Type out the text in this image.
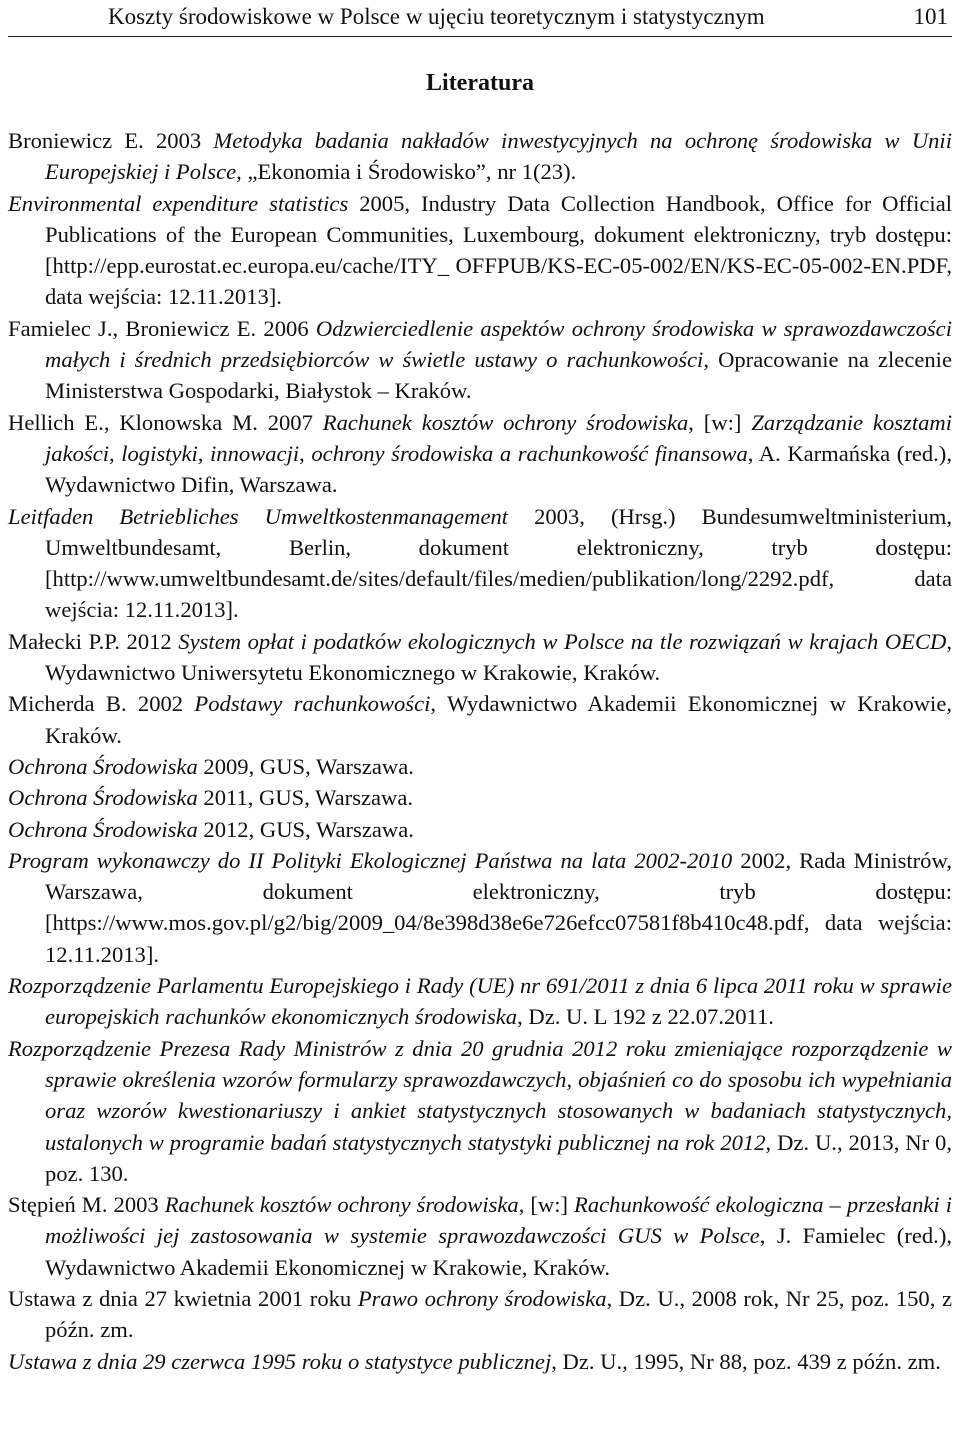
Koszty środowiskowe w Polsce w ujęciu teoretycznym i statystycznym	101
Literatura

Broniewicz E. 2003 Metodyka badania nakładów inwestycyjnych na ochronę środowiska w Unii Europejskiej i Polsce, „Ekonomia i Środowisko”, nr 1(23).

Environmental expenditure statistics 2005, Industry Data Collection Handbook, Office for Official Publications of the European Communities, Luxembourg, dokument elektroniczny, tryb dostępu: [http://epp.eurostat.ec.europa.eu/cache/ITY_ OFFPUB/KS-EC-05-002/EN/KS-EC-05-002-EN.PDF, data wejścia: 12.11.2013].

Famielec J., Broniewicz E. 2006 Odzwierciedlenie aspektów ochrony środowiska w sprawozdawczości małych i średnich przedsiębiorców w świetle ustawy o rachunkowości, Opracowanie na zlecenie Ministerstwa Gospodarki, Białystok – Kraków.

Hellich E., Klonowska M. 2007 Rachunek kosztów ochrony środowiska, [w:] Zarządzanie kosztami jakości, logistyki, innowacji, ochrony środowiska a rachunkowość finansowa, A. Karmańska (red.), Wydawnictwo Difin, Warszawa.

Leitfaden Betriebliches Umweltkostenmanagement 2003, (Hrsg.) Bundesumweltministerium, Umweltbundesamt, Berlin, dokument elektroniczny, tryb dostępu: [http://www.umweltbundesamt.de/sites/default/files/medien/publikation/long/2292.pdf, data wejścia: 12.11.2013].

Małecki P.P. 2012 System opłat i podatków ekologicznych w Polsce na tle rozwiązań w krajach OECD, Wydawnictwo Uniwersytetu Ekonomicznego w Krakowie, Kraków.

Micherda B. 2002 Podstawy rachunkowości, Wydawnictwo Akademii Ekonomicznej w Krakowie, Kraków.

Ochrona Środowiska 2009, GUS, Warszawa.

Ochrona Środowiska 2011, GUS, Warszawa.

Ochrona Środowiska 2012, GUS, Warszawa.

Program wykonawczy do II Polityki Ekologicznej Państwa na lata 2002-2010 2002, Rada Ministrów, Warszawa, dokument elektroniczny, tryb dostępu: [https://www.mos.gov.pl/g2/big/2009_04/8e398d38e6e726efcc07581f8b410c48.pdf, data wejścia: 12.11.2013].

Rozporządzenie Parlamentu Europejskiego i Rady (UE) nr 691/2011 z dnia 6 lipca 2011 roku w sprawie europejskich rachunków ekonomicznych środowiska, Dz. U. L 192 z 22.07.2011.

Rozporządzenie Prezesa Rady Ministrów z dnia 20 grudnia 2012 roku zmieniające rozporządzenie w sprawie określenia wzorów formularzy sprawozdawczych, objaśnień co do sposobu ich wypełniania oraz wzorów kwestionariuszy i ankiet statystycznych stosowanych w badaniach statystycznych, ustalonych w programie badań statystycznych statystyki publicznej na rok 2012, Dz. U., 2013, Nr 0, poz. 130.

Stępień M. 2003 Rachunek kosztów ochrony środowiska, [w:] Rachunkowość ekologiczna – przesłanki i możliwości jej zastosowania w systemie sprawozdawczości GUS w Polsce, J. Famielec (red.), Wydawnictwo Akademii Ekonomicznej w Krakowie, Kraków.

Ustawa z dnia 27 kwietnia 2001 roku Prawo ochrony środowiska, Dz. U., 2008 rok, Nr 25, poz. 150, z późn. zm.

Ustawa z dnia 29 czerwca 1995 roku o statystyce publicznej, Dz. U., 1995, Nr 88, poz. 439 z późn. zm.
